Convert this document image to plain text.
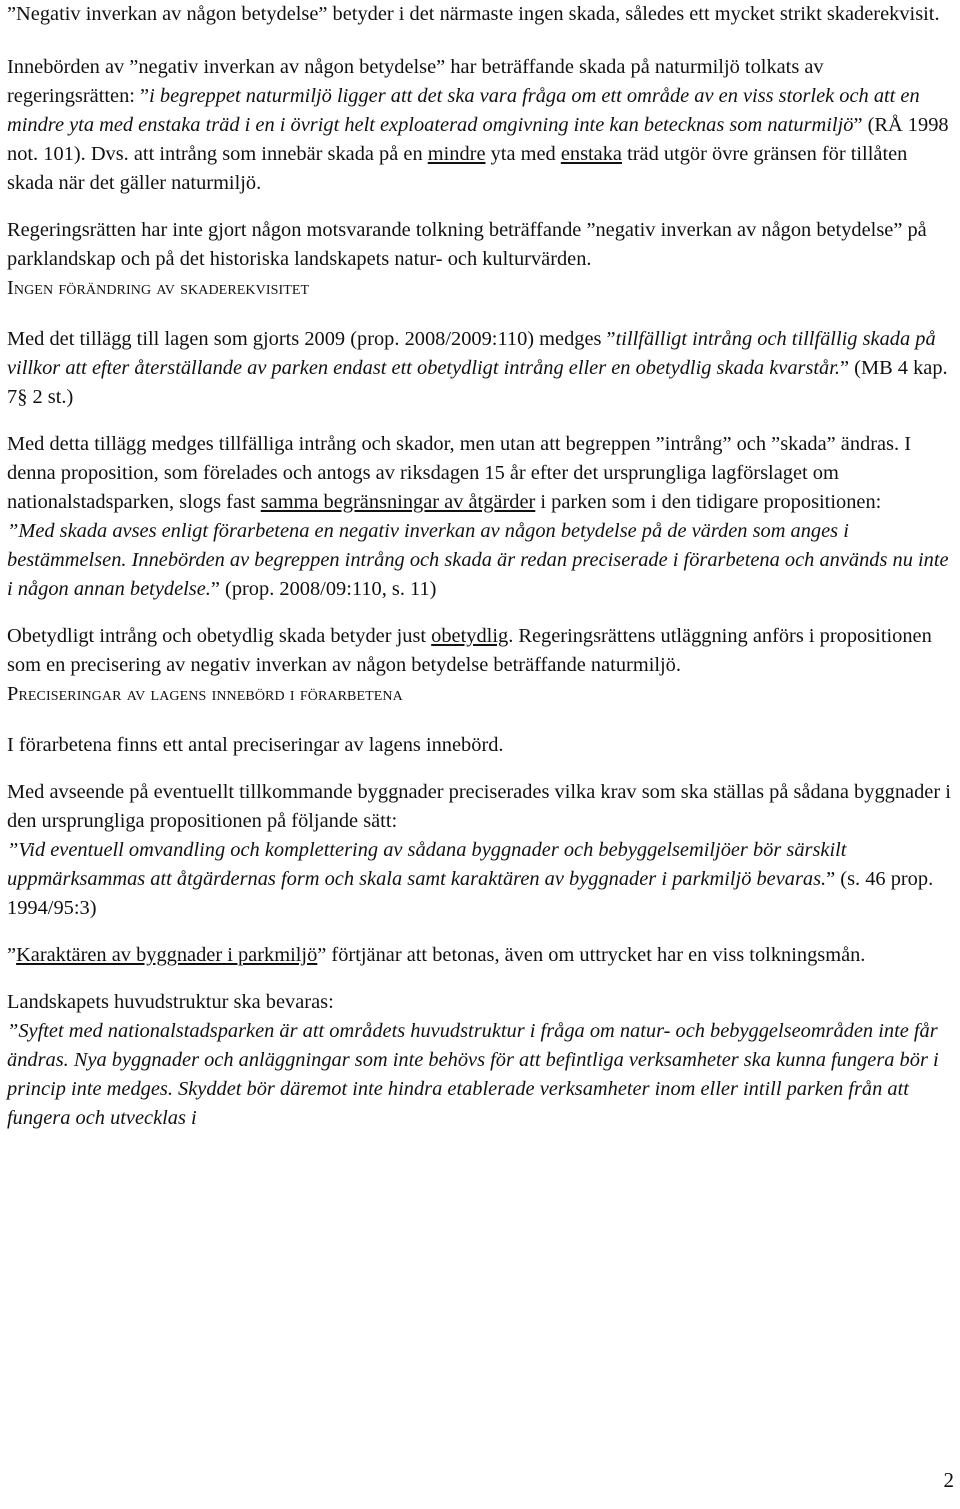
”Negativ inverkan av någon betydelse” betyder i det närmaste ingen skada, således ett mycket strikt skaderekvisit.

Innebörden av ”negativ inverkan av någon betydelse” har beträffande skada på naturmiljö tolkats av regeringsrätten: ”i begreppet naturmiljö ligger att det ska vara fråga om ett område av en viss storlek och att en mindre yta med enstaka träd i en i övrigt helt exploaterad omgivning inte kan betecknas som naturmiljö” (RÅ 1998 not. 101). Dvs. att intrång som innebär skada på en mindre yta med enstaka träd utgör övre gränsen för tillåten skada när det gäller naturmiljö.

Regeringsrätten har inte gjort någon motsvarande tolkning beträffande ”negativ inverkan av någon betydelse” på parklandskap och på det historiska landskapets natur- och kulturvärden.

Ingen förändring av skaderekvisitet

Med det tillägg till lagen som gjorts 2009 (prop. 2008/2009:110) medges ”tillfälligt intrång och tillfällig skada på villkor att efter återställande av parken endast ett obetydligt intrång eller en obetydlig skada kvarstår.” (MB 4 kap. 7§ 2 st.)

Med detta tillägg medges tillfälliga intrång och skador, men utan att begreppen ”intrång” och ”skada” ändras. I denna proposition, som förelades och antogs av riksdagen 15 år efter det ursprungliga lagförslaget om nationalstadsparken, slogs fast samma begränsningar av åtgärder i parken som i den tidigare propositionen:
”Med skada avses enligt förarbetena en negativ inverkan av någon betydelse på de värden som anges i bestämmelsen. Innebörden av begreppen intrång och skada är redan preciserade i förarbetena och används nu inte i någon annan betydelse.” (prop. 2008/09:110, s. 11)

Obetydligt intrång och obetydlig skada betyder just obetydlig. Regeringsrättens utläggning anförs i propositionen som en precisering av negativ inverkan av någon betydelse beträffande naturmiljö.

Preciseringar av lagens innebörd i förarbetena

I förarbetena finns ett antal preciseringar av lagens innebörd.

Med avseende på eventuellt tillkommande byggnader preciserades vilka krav som ska ställas på sådana byggnader i den ursprungliga propositionen på följande sätt:
”Vid eventuell omvandling och komplettering av sådana byggnader och bebyggelsemiljöer bör särskilt uppmärksammas att åtgärdernas form och skala samt karaktären av byggnader i parkmiljö bevaras.” (s. 46 prop. 1994/95:3)

”Karaktären av byggnader i parkmiljö” förtjänar att betonas, även om uttrycket har en viss tolkningsmån.

Landskapets huvudstruktur ska bevaras:
”Syftet med nationalstadsparken är att områdets huvudstruktur i fråga om natur- och bebyggelseområden inte får ändras. Nya byggnader och anläggningar som inte behövs för att befintliga verksamheter ska kunna fungera bör i princip inte medges. Skyddet bör däremot inte hindra etablerade verksamheter inom eller intill parken från att fungera och utvecklas i

2
